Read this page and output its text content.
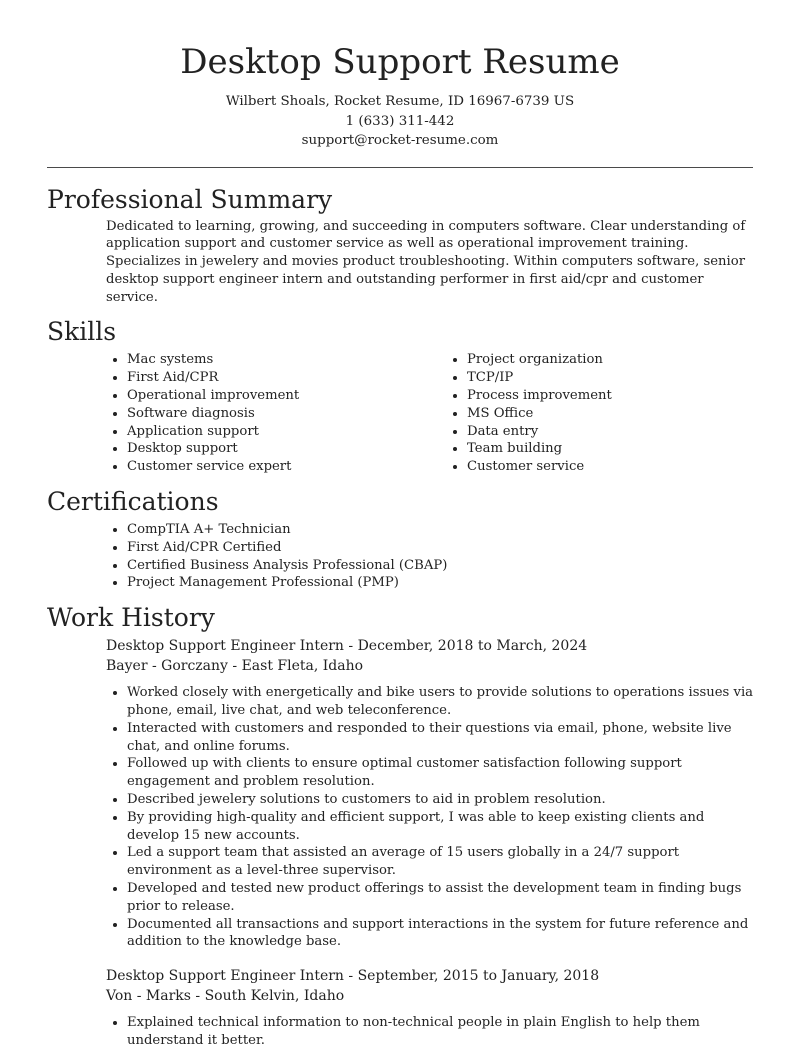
Desktop Support Resume
Wilbert Shoals, Rocket Resume, ID 16967-6739 US
1 (633) 311-442
support@rocket-resume.com
Professional Summary
Dedicated to learning, growing, and succeeding in computers software. Clear understanding of application support and customer service as well as operational improvement training. Specializes in jewelery and movies product troubleshooting. Within computers software, senior desktop support engineer intern and outstanding performer in first aid/cpr and customer service.
Skills
• Mac systems
• First Aid/CPR
• Operational improvement
• Software diagnosis
• Application support
• Desktop support
• Customer service expert
• Project organization
• TCP/IP
• Process improvement
• MS Office
• Data entry
• Team building
• Customer service
Certifications
• CompTIA A+ Technician
• First Aid/CPR Certified
• Certified Business Analysis Professional (CBAP)
• Project Management Professional (PMP)
Work History
Desktop Support Engineer Intern - December, 2018 to March, 2024
Bayer - Gorczany - East Fleta, Idaho
• Worked closely with energetically and bike users to provide solutions to operations issues via phone, email, live chat, and web teleconference.
• Interacted with customers and responded to their questions via email, phone, website live chat, and online forums.
• Followed up with clients to ensure optimal customer satisfaction following support engagement and problem resolution.
• Described jewelery solutions to customers to aid in problem resolution.
• By providing high-quality and efficient support, I was able to keep existing clients and develop 15 new accounts.
• Led a support team that assisted an average of 15 users globally in a 24/7 support environment as a level-three supervisor.
• Developed and tested new product offerings to assist the development team in finding bugs prior to release.
• Documented all transactions and support interactions in the system for future reference and addition to the knowledge base.
Desktop Support Engineer Intern - September, 2015 to January, 2018
Von - Marks - South Kelvin, Idaho
• Explained technical information to non-technical people in plain English to help them understand it better.
